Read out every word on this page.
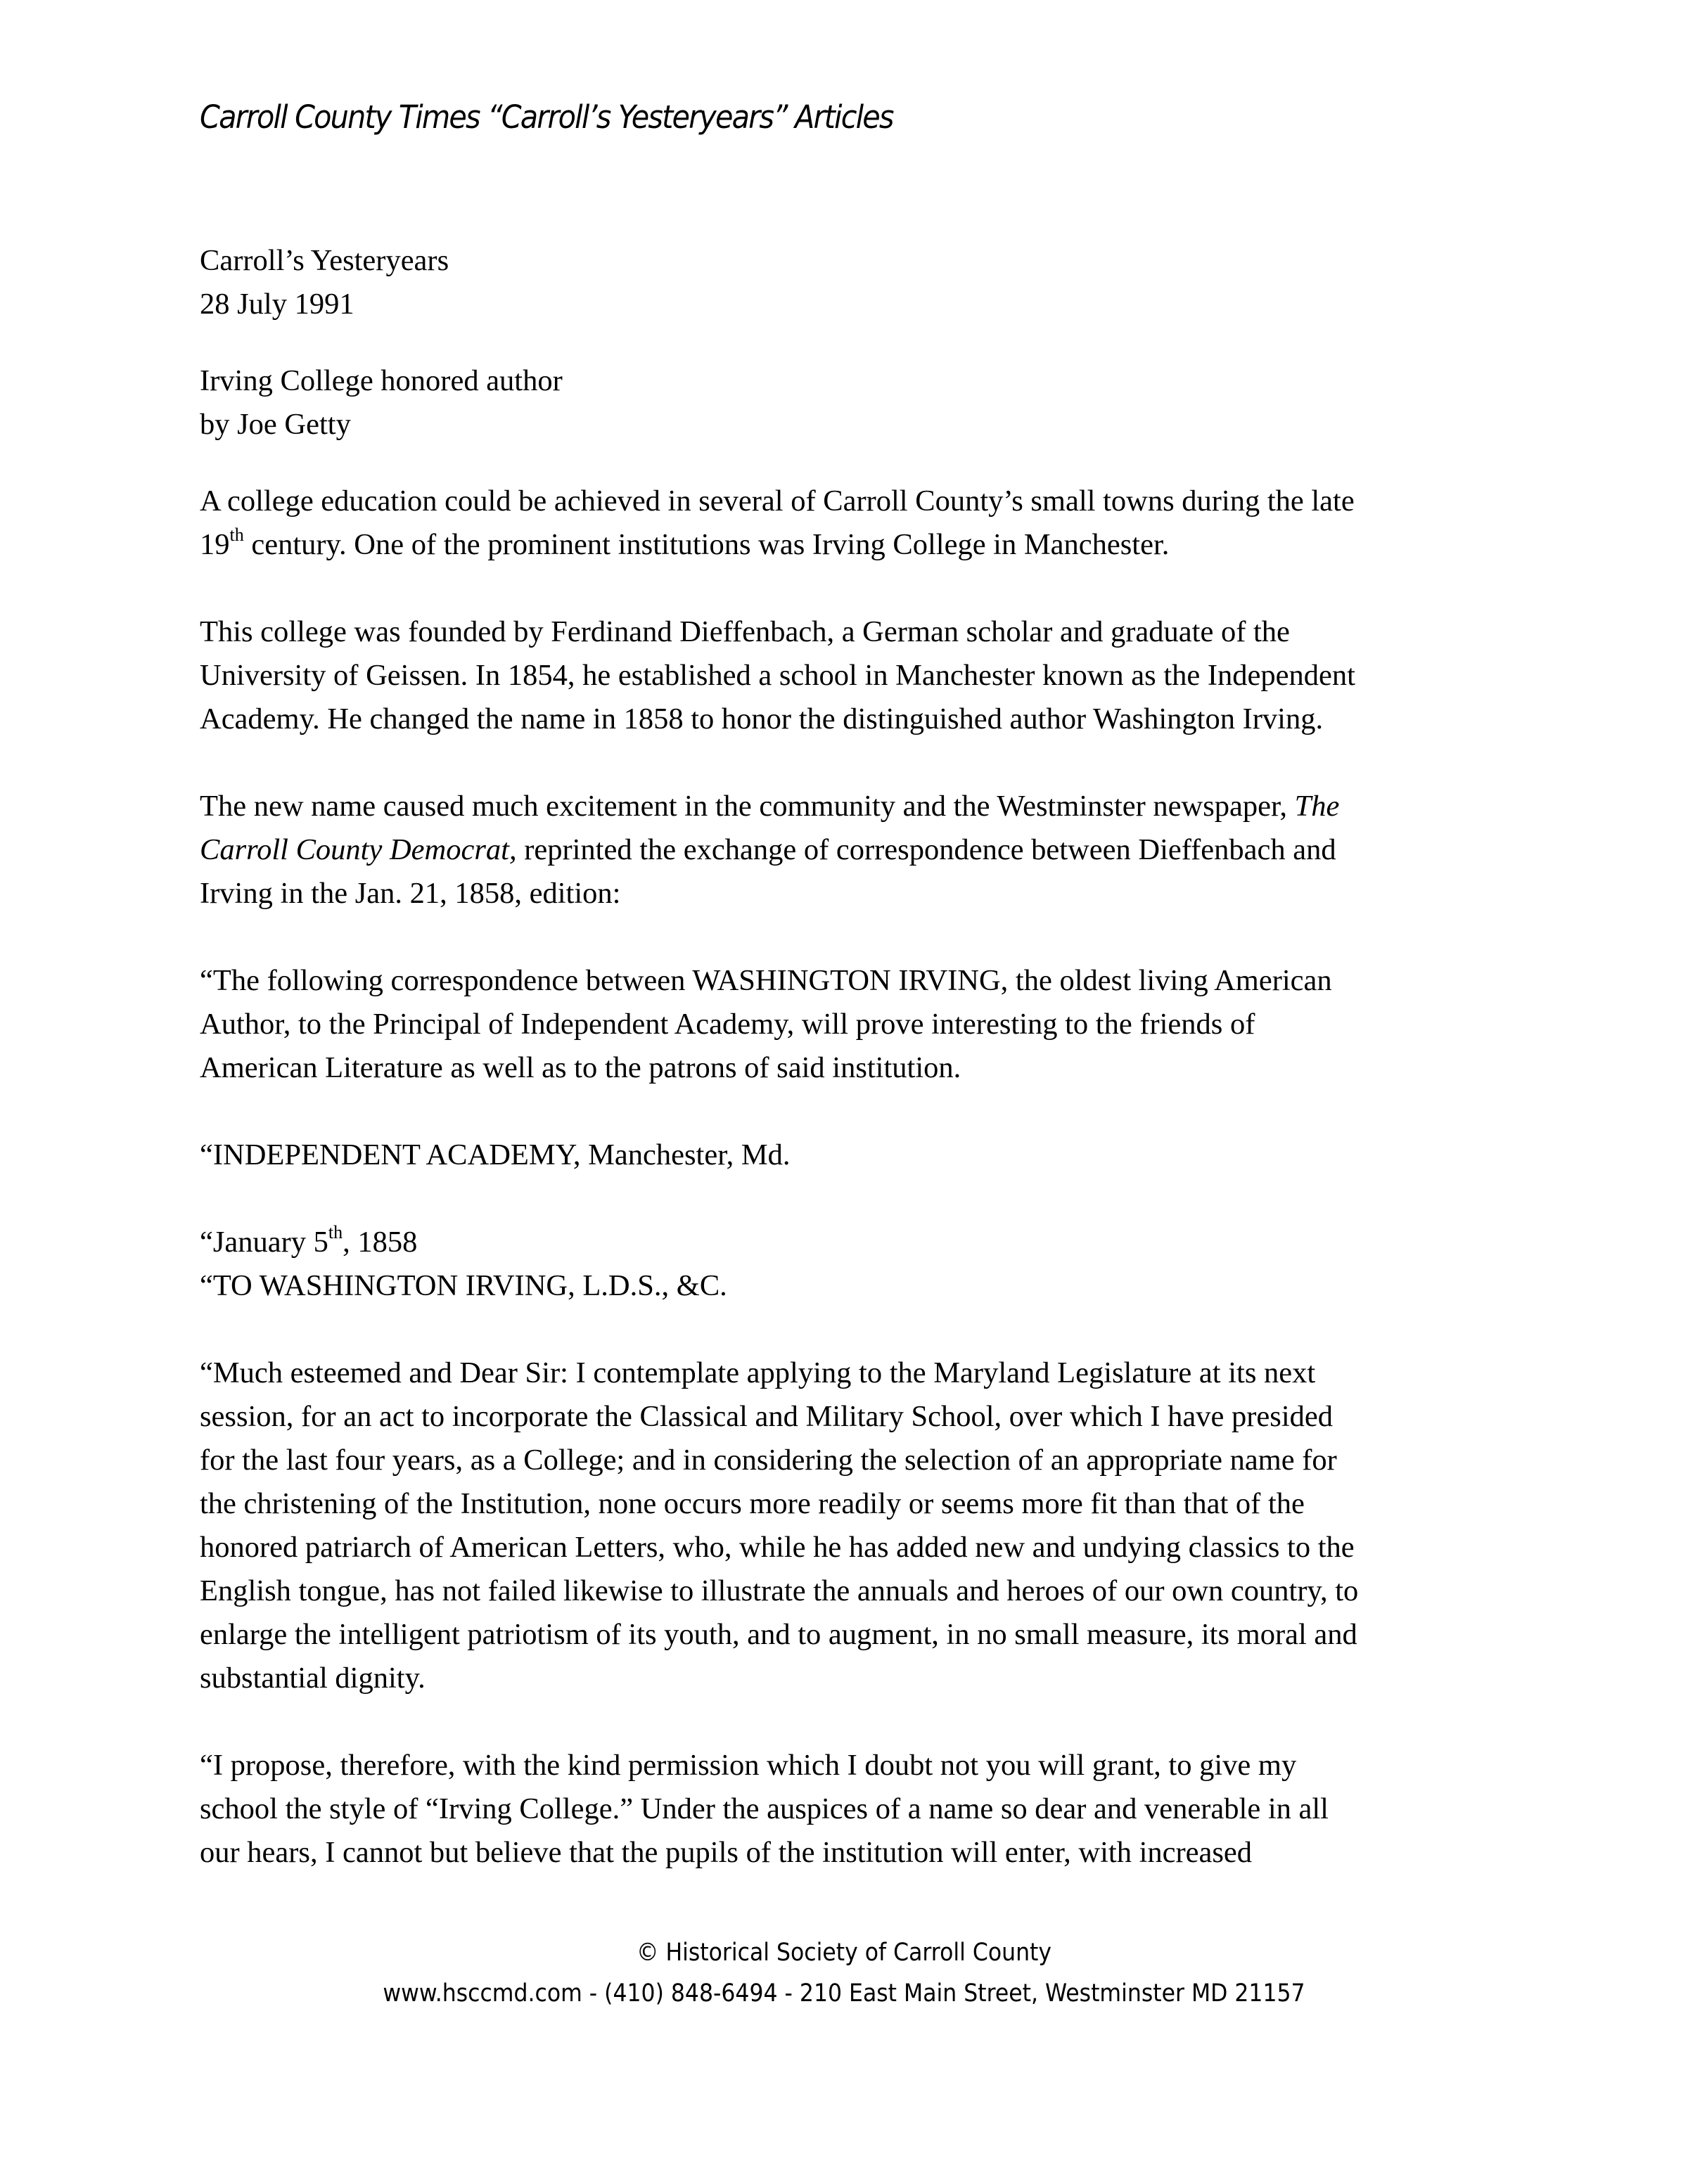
Carroll County Times “Carroll’s Yesteryears” Articles

Carroll’s Yesteryears
28 July 1991

Irving College honored author
by Joe Getty

A college education could be achieved in several of Carroll County’s small towns during the late
19th century. One of the prominent institutions was Irving College in Manchester.

This college was founded by Ferdinand Dieffenbach, a German scholar and graduate of the
University of Geissen. In 1854, he established a school in Manchester known as the Independent
Academy. He changed the name in 1858 to honor the distinguished author Washington Irving.

The new name caused much excitement in the community and the Westminster newspaper, The
Carroll County Democrat, reprinted the exchange of correspondence between Dieffenbach and
Irving in the Jan. 21, 1858, edition:

“The following correspondence between WASHINGTON IRVING, the oldest living American
Author, to the Principal of Independent Academy, will prove interesting to the friends of
American Literature as well as to the patrons of said institution.

“INDEPENDENT ACADEMY, Manchester, Md.

“January 5th, 1858
“TO WASHINGTON IRVING, L.D.S., &C.

“Much esteemed and Dear Sir: I contemplate applying to the Maryland Legislature at its next
session, for an act to incorporate the Classical and Military School, over which I have presided
for the last four years, as a College; and in considering the selection of an appropriate name for
the christening of the Institution, none occurs more readily or seems more fit than that of the
honored patriarch of American Letters, who, while he has added new and undying classics to the
English tongue, has not failed likewise to illustrate the annuals and heroes of our own country, to
enlarge the intelligent patriotism of its youth, and to augment, in no small measure, its moral and
substantial dignity.

“I propose, therefore, with the kind permission which I doubt not you will grant, to give my
school the style of “Irving College.” Under the auspices of a name so dear and venerable in all
our hears, I cannot but believe that the pupils of the institution will enter, with increased

© Historical Society of Carroll County
www.hsccmd.com - (410) 848-6494 - 210 East Main Street, Westminster MD 21157
